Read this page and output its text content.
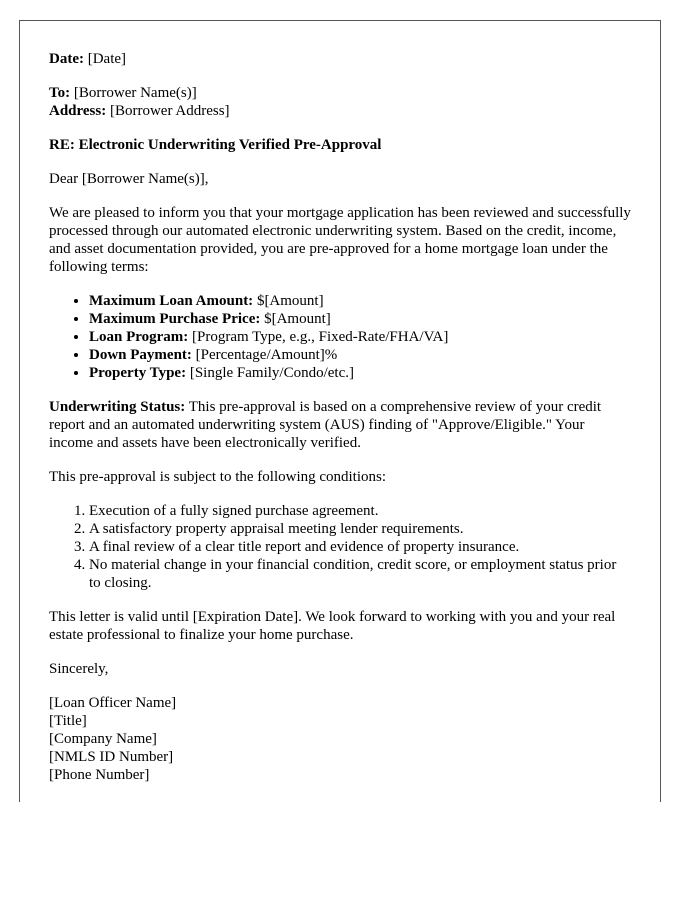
Date: [Date]

To: [Borrower Name(s)]
Address: [Borrower Address]

RE: Electronic Underwriting Verified Pre-Approval

Dear [Borrower Name(s)],

We are pleased to inform you that your mortgage application has been reviewed and successfully processed through our automated electronic underwriting system. Based on the credit, income, and asset documentation provided, you are pre-approved for a home mortgage loan under the following terms:

• Maximum Loan Amount: $[Amount]
• Maximum Purchase Price: $[Amount]
• Loan Program: [Program Type, e.g., Fixed-Rate/FHA/VA]
• Down Payment: [Percentage/Amount]%
• Property Type: [Single Family/Condo/etc.]

Underwriting Status: This pre-approval is based on a comprehensive review of your credit report and an automated underwriting system (AUS) finding of "Approve/Eligible." Your income and assets have been electronically verified.

This pre-approval is subject to the following conditions:

1. Execution of a fully signed purchase agreement.
2. A satisfactory property appraisal meeting lender requirements.
3. A final review of a clear title report and evidence of property insurance.
4. No material change in your financial condition, credit score, or employment status prior to closing.

This letter is valid until [Expiration Date]. We look forward to working with you and your real estate professional to finalize your home purchase.

Sincerely,

[Loan Officer Name]
[Title]
[Company Name]
[NMLS ID Number]
[Phone Number]
